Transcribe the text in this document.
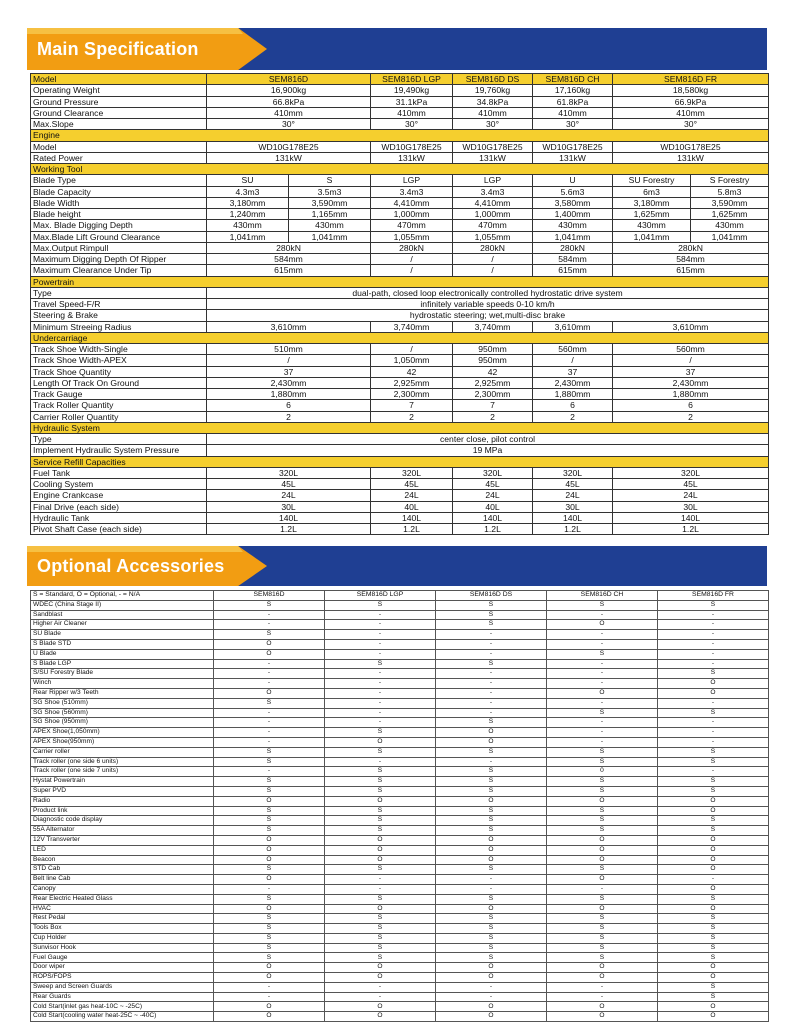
Main Specification
Model	SEM816D		SEM816D LGP	SEM816D DS	SEM816D CH	SEM816D FR	
Operating Weight	16,900kg		19,490kg	19,760kg	17,160kg	18,580kg	
Ground Pressure	66.8kPa		31.1kPa	34.8kPa	61.8kPa	66.9kPa	
Ground Clearance	410mm		410mm	410mm	410mm	410mm	
Max.Slope	30°		30°	30°	30°	30°	
Engine							
Model	WD10G178E25		WD10G178E25	WD10G178E25	WD10G178E25	WD10G178E25	
Rated Power	131kW		131kW	131kW	131kW	131kW	
Working Tool							
Blade Type	SU	S	LGP	LGP	U	SU Forestry	S Forestry
Blade Capacity	4.3m3	3.5m3	3.4m3	3.4m3	5.6m3	6m3	5.8m3
Blade Width	3,180mm	3,590mm	4,410mm	4,410mm	3,580mm	3,180mm	3,590mm
Blade height	1,240mm	1,165mm	1,000mm	1,000mm	1,400mm	1,625mm	1,625mm
Max. Blade Digging Depth	430mm	430mm	470mm	470mm	430mm	430mm	430mm
Max.Blade Lift Ground Clearance	1,041mm	1,041mm	1,055mm	1,055mm	1,041mm	1,041mm	1,041mm
Max.Output Rimpull	280kN		280kN	280kN	280kN	280kN	
Maximum Digging Depth Of Ripper	584mm		/	/	584mm	584mm	
Maximum Clearance Under Tip	615mm		/	/	615mm	615mm	
Powertrain							
Type	dual-path, closed loop electronically controlled hydrostatic drive system						
Travel Speed-F/R	infinitely variable speeds 0-10 km/h						
Steering & Brake	hydrostatic steering; wet,multi-disc brake						
Minimum Streeing Radius	3,610mm		3,740mm	3,740mm	3,610mm	3,610mm	
Undercarriage							
Track Shoe Width-Single	510mm		/	950mm	560mm	560mm	
Track Shoe Width-APEX	/		1,050mm	950mm	/	/	
Track Shoe Quantity	37		42	42	37	37	
Length Of Track On Ground	2,430mm		2,925mm	2,925mm	2,430mm	2,430mm	
Track Gauge	1,880mm		2,300mm	2,300mm	1,880mm	1,880mm	
Track Roller Quantity	6		7	7	6	6	
Carrier Roller Quantity	2		2	2	2	2	
Hydraulic System							
Type	center close, pilot control						
Implement Hydraulic System Pressure	19 MPa						
Service Refill Capacities							
Fuel Tank	320L		320L	320L	320L	320L	
Cooling System	45L		45L	45L	45L	45L	
Engine Crankcase	24L		24L	24L	24L	24L	
Final Drive (each side)	30L		40L	40L	30L	30L	
Hydraulic Tank	140L		140L	140L	140L	140L	
Pivot Shaft Case (each side)	1.2L		1.2L	1.2L	1.2L	1.2L	
Optional Accessories
S = Standard, O = Optional, - = N/A	SEM816D	SEM816D LGP	SEM816D DS	SEM816D CH	SEM816D FR
WDEC (China Stage II)	S	S	S	S	S
Sandblast	-	-	S	-	-
Higher Air Cleaner	-	-	S	O	-
SU Blade	S	-	-	-	-
S Blade STD	O	-	-	-	-
U Blade	O	-	-	S	-
S Blade LGP	-	S	S	-	-
S/SU Forestry Blade	-	-	-	-	S
Winch	-	-	-	-	O
Rear Ripper w/3 Teeth	O	-	-	O	O
SG Shoe (510mm)	S	-	-	-	-
SG Shoe (560mm)	-	-	-	S	S
SG Shoe (950mm)	-	-	S	-	-
APEX Shoe(1,050mm)	-	S	O	-	-
APEX Shoe(950mm)	-	O	O	-	-
Carrier roller	S	S	S	S	S
Track roller (one side 6 units)	S	-	-	S	S
Track roller (one side 7 units)	-	S	S	0	-
Hystat Powertrain	S	S	S	S	S
Super PVD	S	S	S	S	S
Radio	O	O	O	O	O
Product link	S	S	S	S	O
Diagnostic code display	S	S	S	S	S
55A Alternator	S	S	S	S	S
12V Transverter	O	O	O	O	O
LED	O	O	O	O	O
Beacon	O	O	O	O	O
STD Cab	S	S	S	S	O
Belt line Cab	O	-	-	O	-
Canopy	-	-	-	-	O
Rear Electric Heated Glass	S	S	S	S	S
HVAC	O	O	O	O	O
Rest Pedal	S	S	S	S	S
Tools Box	S	S	S	S	S
Cup Holder	S	S	S	S	S
Sunvisor Hook	S	S	S	S	S
Fuel Gauge	S	S	S	S	S
Door wiper	O	O	O	O	O
ROPS/FOPS	O	O	O	O	O
Sweep and Screen Guards	-	-	-	-	S
Rear Guards	-	-	-	-	S
Cold Start(inlet gas heat-10C ~ -25C)	O	O	O	O	O
Cold Start(cooling water heat-25C ~ -40C)	O	O	O	O	O
